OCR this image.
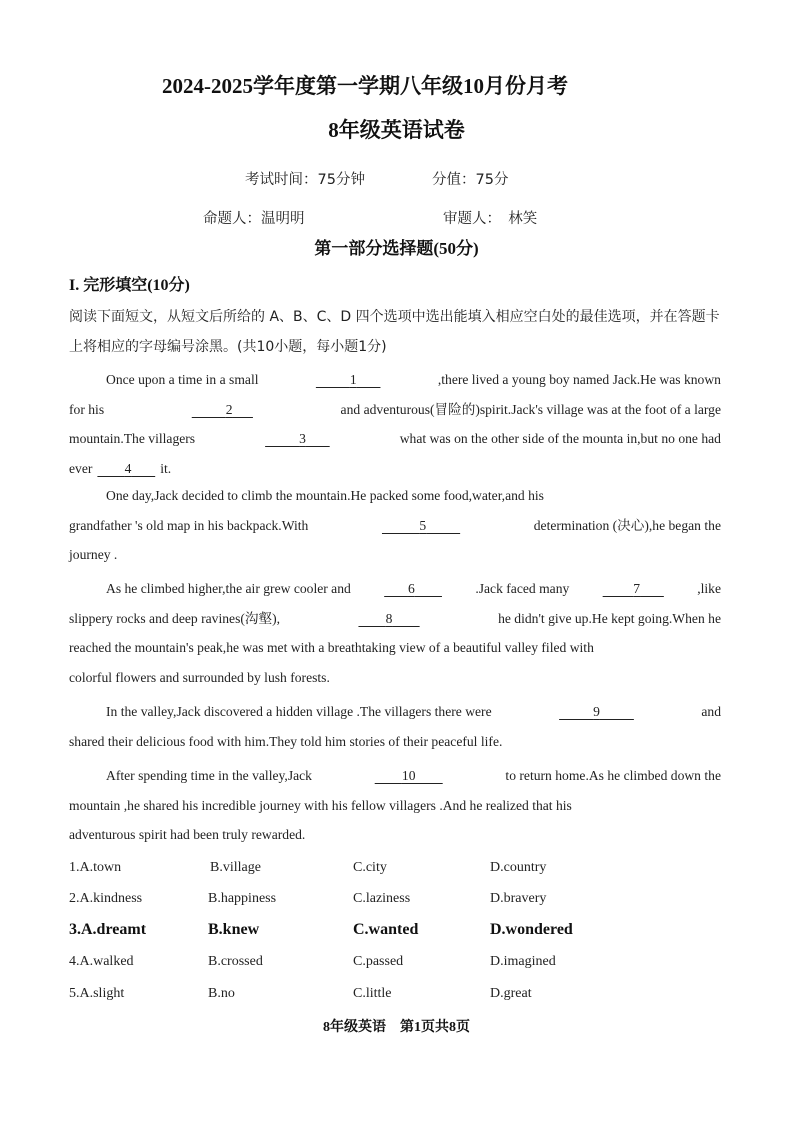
2024-2025学年度第一学期八年级10月份月考
8年级英语试卷
考试时间：75分钟	分值：75分
命题人：温明明	审题人：　林笑
第一部分选择题(50分)
I. 完形填空(10分)
阅读下面短文，从短文后所给的 A、B、C、D 四个选项中选出能填入相应空白处的最佳选项，并在答题卡上将相应的字母编号涂黑。(共10小题，每小题1分)
Once upon a time in a small	1	,there lived a young boy named Jack.He was known
for his	2	and adventurous(冒险的)spirit.Jack's village was at the foot of a large
mountain.The villagers	3	what was on the other side of the mounta in,but no one had
ever	4	it.
One day,Jack decided to climb the mountain.He packed some food,water,and his
grandfather 's old map in his backpack.With	5	determination (决心),he began the
journey .
As he climbed higher,the air grew cooler and	6	.Jack faced many	7	,like
slippery rocks and deep ravines(沟壑),	8	he didn't give up.He kept going.When he
reached the mountain's peak,he was met with a breathtaking view of a beautiful valley filed with
colorful flowers and surrounded by lush forests.
In the valley,Jack discovered a hidden village .The villagers there were	9	and
shared their delicious food with him.They told him stories of their peaceful life.
After spending time in the valley,Jack	10	to return home.As he climbed down the
mountain ,he shared his incredible journey with his fellow villagers .And he realized that his
adventurous spirit had been truly rewarded.
1.A.town	B.village	C.city	D.country
2.A.kindness	B.happiness	C.laziness	D.bravery
3.A.dreamt	B.knew	C.wanted	D.wondered
4.A.walked	B.crossed	C.passed	D.imagined
5.A.slight	B.no	C.little	D.great
8年级英语　第1页共8页
